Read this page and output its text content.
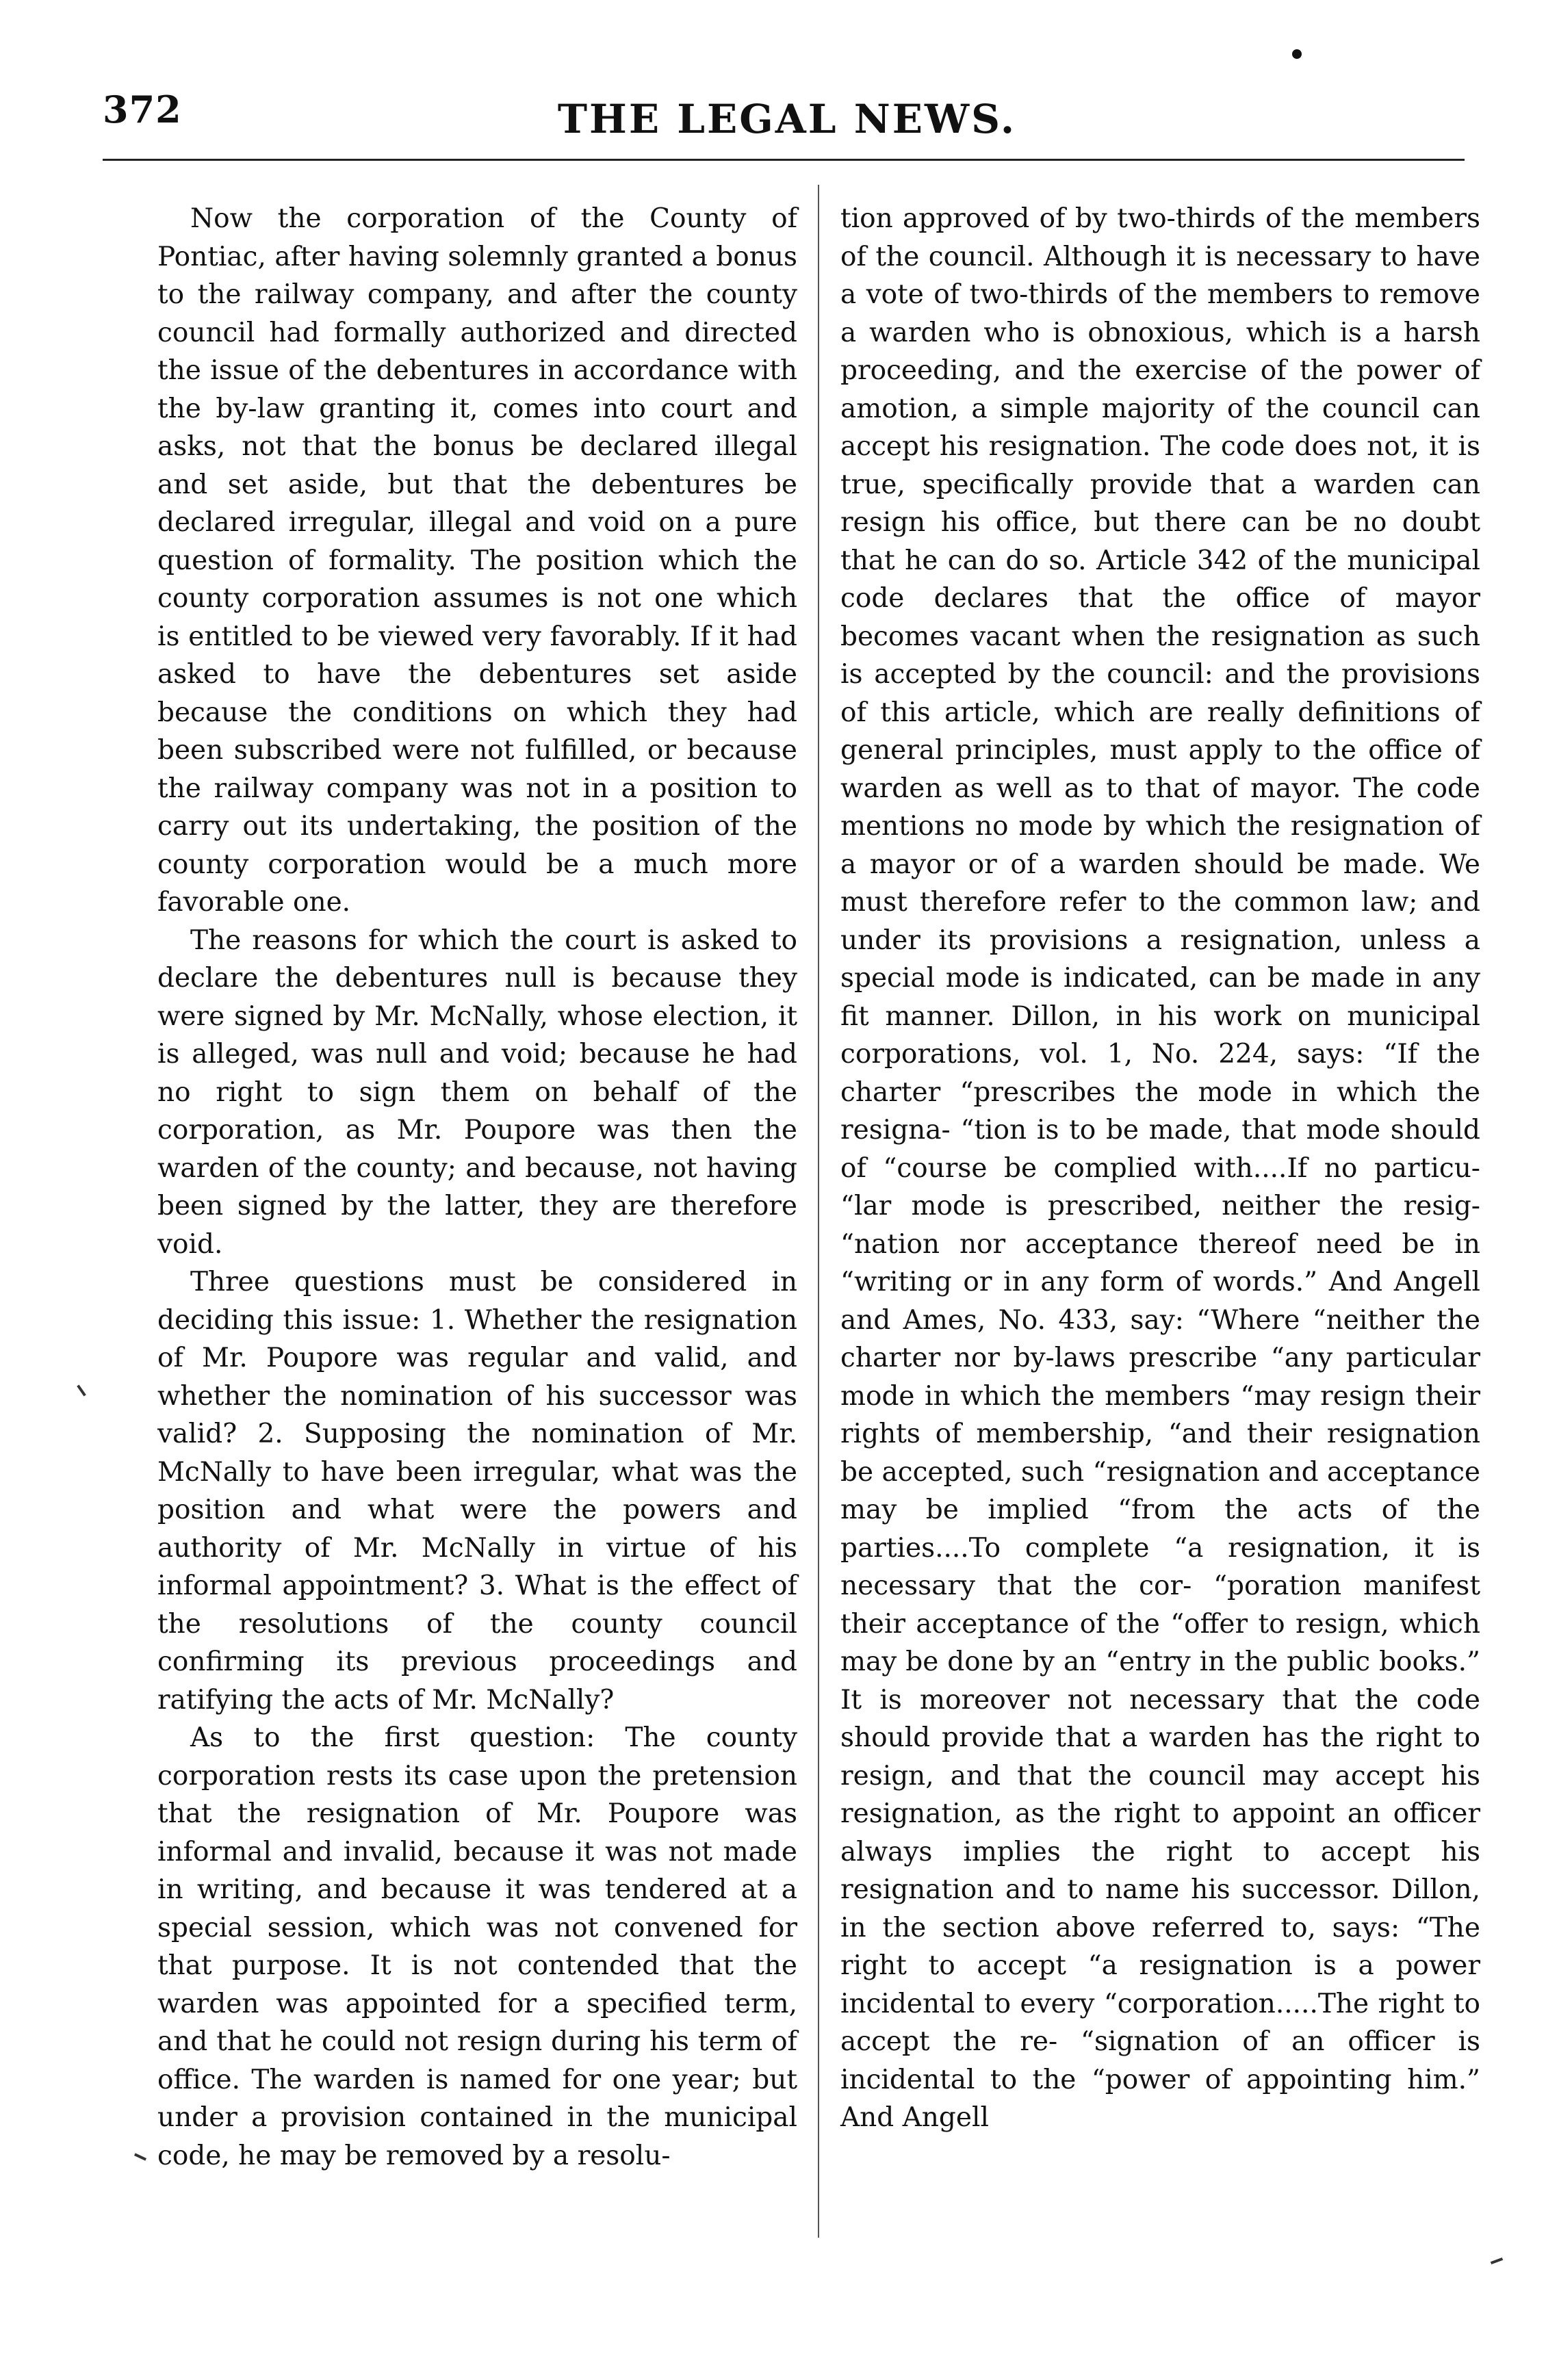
372	THE LEGAL NEWS.

Now the corporation of the County of Pontiac, after having solemnly granted a bonus to the railway company, and after the county council had formally authorized and directed the issue of the debentures in accordance with the by-law granting it, comes into court and asks, not that the bonus be declared illegal and set aside, but that the debentures be declared irregular, illegal and void on a pure question of formality. The position which the county corporation assumes is not one which is entitled to be viewed very favorably. If it had asked to have the debentures set aside because the conditions on which they had been subscribed were not fulfilled, or because the railway company was not in a position to carry out its undertaking, the position of the county corporation would be a much more favorable one.

The reasons for which the court is asked to declare the debentures null is because they were signed by Mr. McNally, whose election, it is alleged, was null and void; because he had no right to sign them on behalf of the corporation, as Mr. Poupore was then the warden of the county; and because, not having been signed by the latter, they are therefore void.

Three questions must be considered in deciding this issue: 1. Whether the resignation of Mr. Poupore was regular and valid, and whether the nomination of his successor was valid? 2. Supposing the nomination of Mr. McNally to have been irregular, what was the position and what were the powers and authority of Mr. McNally in virtue of his informal appointment? 3. What is the effect of the resolutions of the county council confirming its previous proceedings and ratifying the acts of Mr. McNally?

As to the first question: The county corporation rests its case upon the pretension that the resignation of Mr. Poupore was informal and invalid, because it was not made in writing, and because it was tendered at a special session, which was not convened for that purpose. It is not contended that the warden was appointed for a specified term, and that he could not resign during his term of office. The warden is named for one year; but under a provision contained in the municipal code, he may be removed by a resolu-

tion approved of by two-thirds of the members of the council. Although it is necessary to have a vote of two-thirds of the members to remove a warden who is obnoxious, which is a harsh proceeding, and the exercise of the power of amotion, a simple majority of the council can accept his resignation. The code does not, it is true, specifically provide that a warden can resign his office, but there can be no doubt that he can do so. Article 342 of the municipal code declares that the office of mayor becomes vacant when the resignation as such is accepted by the council: and the provisions of this article, which are really definitions of general principles, must apply to the office of warden as well as to that of mayor. The code mentions no mode by which the resignation of a mayor or of a warden should be made. We must therefore refer to the common law; and under its provisions a resignation, unless a special mode is indicated, can be made in any fit manner. Dillon, in his work on municipal corporations, vol. 1, No. 224, says: “If the charter “prescribes the mode in which the resigna- “tion is to be made, that mode should of “course be complied with....If no particu- “lar mode is prescribed, neither the resig- “nation nor acceptance thereof need be in “writing or in any form of words.” And Angell and Ames, No. 433, say: “Where “neither the charter nor by-laws prescribe “any particular mode in which the members “may resign their rights of membership, “and their resignation be accepted, such “resignation and acceptance may be implied “from the acts of the parties....To complete “a resignation, it is necessary that the cor- “poration manifest their acceptance of the “offer to resign, which may be done by an “entry in the public books.” It is moreover not necessary that the code should provide that a warden has the right to resign, and that the council may accept his resignation, as the right to appoint an officer always implies the right to accept his resignation and to name his successor. Dillon, in the section above referred to, says: “The right to accept “a resignation is a power incidental to every “corporation.....The right to accept the re- “signation of an officer is incidental to the “power of appointing him.” And Angell
